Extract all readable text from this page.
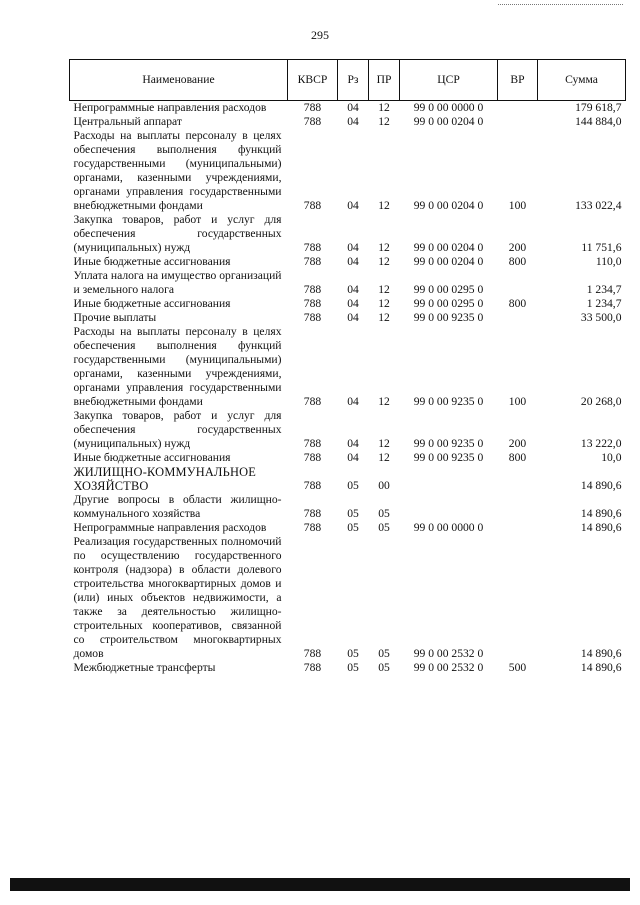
295
Наименование	КВСР	Рз	ПР	ЦСР	ВР	Сумма
Непрограммные направления расходов	788	04	12	99 0 00 0000 0		179 618,7
Центральный аппарат	788	04	12	99 0 00 0204 0		144 884,0
Расходы на выплаты персоналу в целях обеспечения выполнения функций государственными (муниципальными) органами, казенными учреждениями, органами управления государственными внебюджетными фондами	788	04	12	99 0 00 0204 0	100	133 022,4
Закупка товаров, работ и услуг для обеспечения государственных (муниципальных) нужд	788	04	12	99 0 00 0204 0	200	11 751,6
Иные бюджетные ассигнования	788	04	12	99 0 00 0204 0	800	110,0
Уплата налога на имущество организаций и земельного налога	788	04	12	99 0 00 0295 0		1 234,7
Иные бюджетные ассигнования	788	04	12	99 0 00 0295 0	800	1 234,7
Прочие выплаты	788	04	12	99 0 00 9235 0		33 500,0
Расходы на выплаты персоналу в целях обеспечения выполнения функций государственными (муниципальными) органами, казенными учреждениями, органами управления государственными внебюджетными фондами	788	04	12	99 0 00 9235 0	100	20 268,0
Закупка товаров, работ и услуг для обеспечения государственных (муниципальных) нужд	788	04	12	99 0 00 9235 0	200	13 222,0
Иные бюджетные ассигнования	788	04	12	99 0 00 9235 0	800	10,0
ЖИЛИЩНО-КОММУНАЛЬНОЕ ХОЗЯЙСТВО	788	05	00			14 890,6
Другие вопросы в области жилищно-коммунального хозяйства	788	05	05			14 890,6
Непрограммные направления расходов	788	05	05	99 0 00 0000 0		14 890,6
Реализация государственных полномочий по осуществлению государственного контроля (надзора) в области долевого строительства многоквартирных домов и (или) иных объектов недвижимости, а также за деятельностью жилищно-строительных кооперативов, связанной со строительством многоквартирных домов	788	05	05	99 0 00 2532 0		14 890,6
Межбюджетные трансферты	788	05	05	99 0 00 2532 0	500	14 890,6
